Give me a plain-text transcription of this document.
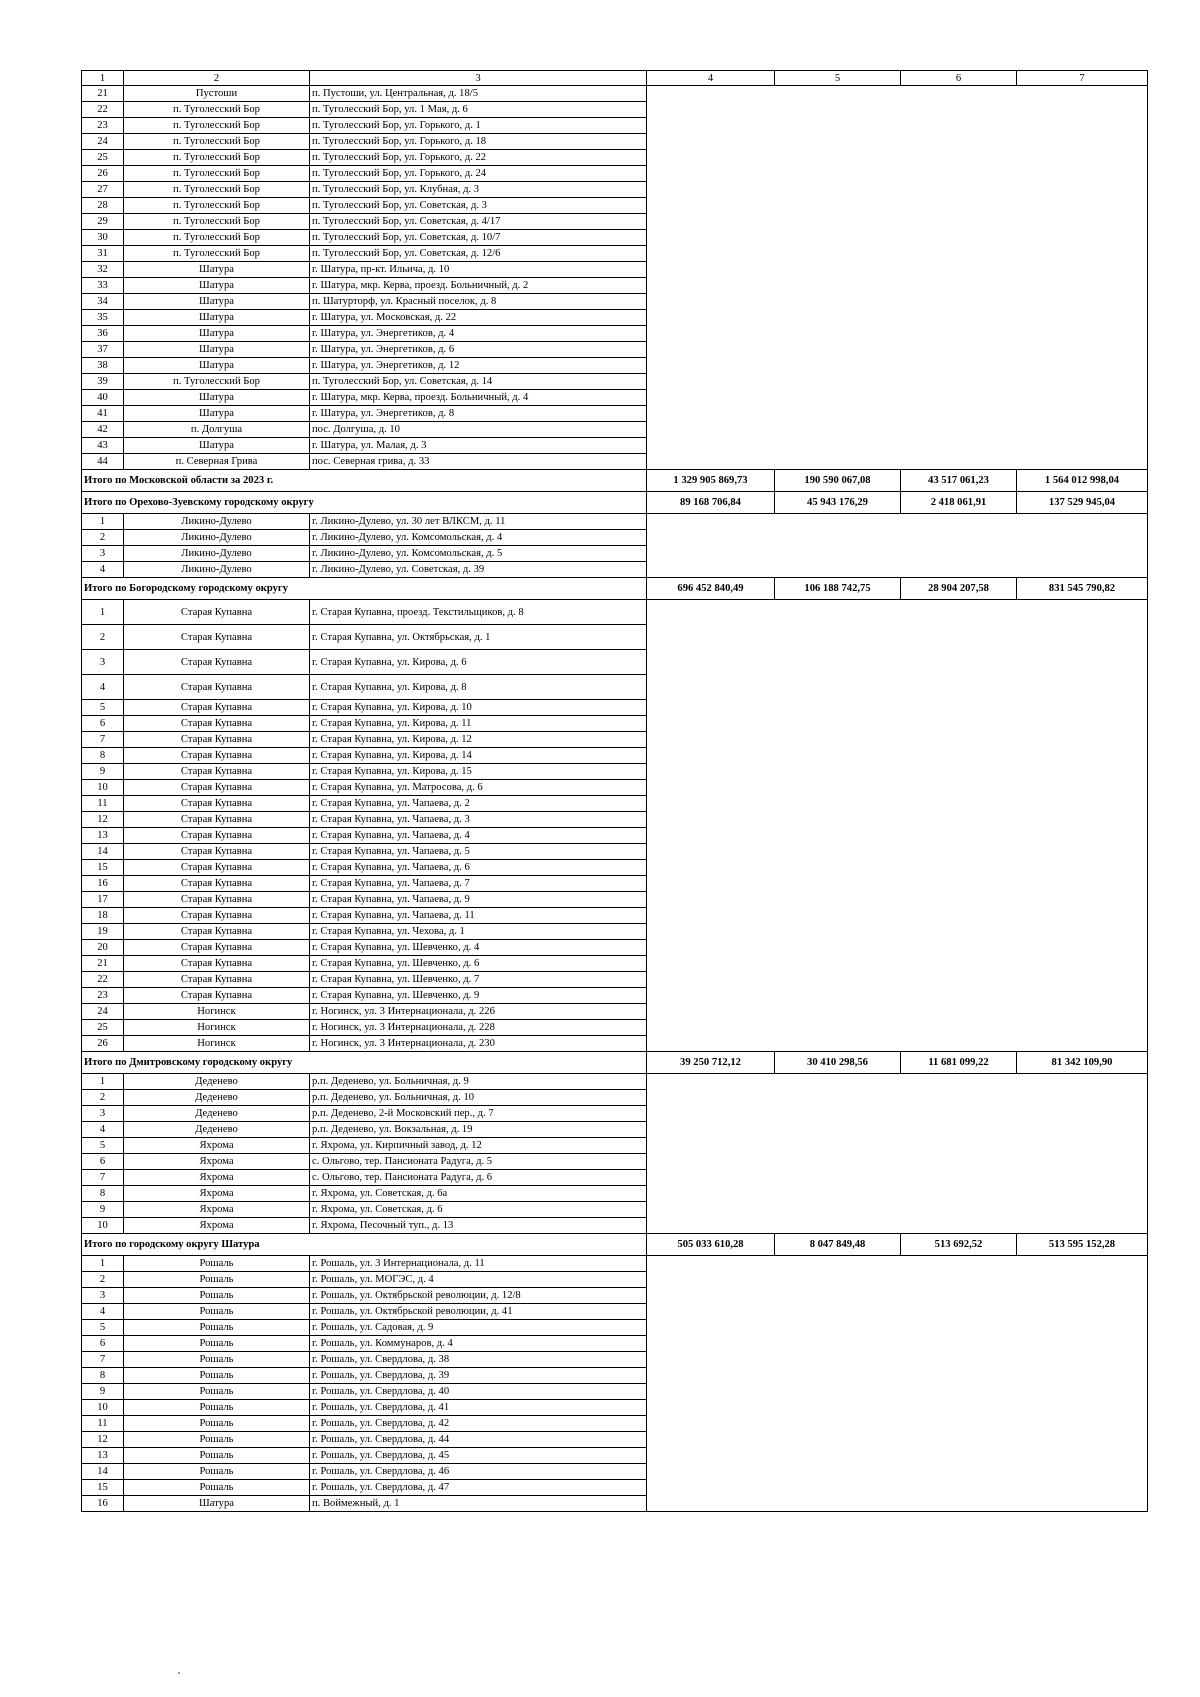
1	2	3	4	5	6	7
21	Пустоши	п. Пустоши, ул. Центральная, д. 18/5				
22	п. Туголесский Бор	п. Туголесский Бор, ул. 1 Мая, д. 6				
23	п. Туголесский Бор	п. Туголесский Бор, ул. Горького, д. 1				
24	п. Туголесский Бор	п. Туголесский Бор, ул. Горького, д. 18				
25	п. Туголесский Бор	п. Туголесский Бор, ул. Горького, д. 22				
26	п. Туголесский Бор	п. Туголесский Бор, ул. Горького, д. 24				
27	п. Туголесский Бор	п. Туголесский Бор, ул. Клубная, д. 3				
28	п. Туголесский Бор	п. Туголесский Бор, ул. Советская, д. 3				
29	п. Туголесский Бор	п. Туголесский Бор, ул. Советская, д. 4/17				
30	п. Туголесский Бор	п. Туголесский Бор, ул. Советская, д. 10/7				
31	п. Туголесский Бор	п. Туголесский Бор, ул. Советская, д. 12/6				
32	Шатура	г. Шатура, пр-кт. Ильича, д. 10				
33	Шатура	г. Шатура, мкр. Керва, проезд. Больничный, д. 2				
34	Шатура	п. Шатурторф, ул. Красный поселок, д. 8				
35	Шатура	г. Шатура, ул. Московская, д. 22				
36	Шатура	г. Шатура, ул. Энергетиков, д. 4				
37	Шатура	г. Шатура, ул. Энергетиков, д. 6				
38	Шатура	г. Шатура, ул. Энергетиков, д. 12				
39	п. Туголесский Бор	п. Туголесский Бор, ул. Советская, д. 14				
40	Шатура	г. Шатура, мкр. Керва, проезд. Больничный, д. 4				
41	Шатура	г. Шатура, ул. Энергетиков, д. 8				
42	п. Долгуша	пос. Долгуша, д. 10				
43	Шатура	г. Шатура, ул. Малая, д. 3				
44	п. Северная Грива	пос. Северная грива, д. 33				
Итого по Московской области за 2023 г.			1 329 905 869,73	190 590 067,08	43 517 061,23	1 564 012 998,04
Итого по Орехово-Зуевскому городскому округу			89 168 706,84	45 943 176,29	2 418 061,91	137 529 945,04
1	Ликино-Дулево	г. Ликино-Дулево, ул. 30 лет ВЛКСМ, д. 11				
2	Ликино-Дулево	г. Ликино-Дулево, ул. Комсомольская, д. 4				
3	Ликино-Дулево	г. Ликино-Дулево, ул. Комсомольская, д. 5				
4	Ликино-Дулево	г. Ликино-Дулево, ул. Советская, д. 39				
Итого по Богородскому городскому округу			696 452 840,49	106 188 742,75	28 904 207,58	831 545 790,82
1	Старая Купавна	г. Старая Купавна, проезд. Текстильщиков, д. 8				
2	Старая Купавна	г. Старая Купавна, ул. Октябрьская, д. 1				
3	Старая Купавна	г. Старая Купавна, ул. Кирова, д. 6				
4	Старая Купавна	г. Старая Купавна, ул. Кирова, д. 8				
5	Старая Купавна	г. Старая Купавна, ул. Кирова, д. 10				
6	Старая Купавна	г. Старая Купавна, ул. Кирова, д. 11				
7	Старая Купавна	г. Старая Купавна, ул. Кирова, д. 12				
8	Старая Купавна	г. Старая Купавна, ул. Кирова, д. 14				
9	Старая Купавна	г. Старая Купавна, ул. Кирова, д. 15				
10	Старая Купавна	г. Старая Купавна, ул. Матросова, д. 6				
11	Старая Купавна	г. Старая Купавна, ул. Чапаева, д. 2				
12	Старая Купавна	г. Старая Купавна, ул. Чапаева, д. 3				
13	Старая Купавна	г. Старая Купавна, ул. Чапаева, д. 4				
14	Старая Купавна	г. Старая Купавна, ул. Чапаева, д. 5				
15	Старая Купавна	г. Старая Купавна, ул. Чапаева, д. 6				
16	Старая Купавна	г. Старая Купавна, ул. Чапаева, д. 7				
17	Старая Купавна	г. Старая Купавна, ул. Чапаева, д. 9				
18	Старая Купавна	г. Старая Купавна, ул. Чапаева, д. 11				
19	Старая Купавна	г. Старая Купавна, ул. Чехова, д. 1				
20	Старая Купавна	г. Старая Купавна, ул. Шевченко, д. 4				
21	Старая Купавна	г. Старая Купавна, ул. Шевченко, д. 6				
22	Старая Купавна	г. Старая Купавна, ул. Шевченко, д. 7				
23	Старая Купавна	г. Старая Купавна, ул. Шевченко, д. 9				
24	Ногинск	г. Ногинск, ул. 3 Интернационала, д. 226				
25	Ногинск	г. Ногинск, ул. 3 Интернационала, д. 228				
26	Ногинск	г. Ногинск, ул. 3 Интернационала, д. 230				
Итого по Дмитровскому городскому округу			39 250 712,12	30 410 298,56	11 681 099,22	81 342 109,90
1	Деденево	р.п. Деденево, ул. Больничная, д. 9				
2	Деденево	р.п. Деденево, ул. Больничная, д. 10				
3	Деденево	р.п. Деденево, 2-й Московский пер., д. 7				
4	Деденево	р.п. Деденево, ул. Вокзальная, д. 19				
5	Яхрома	г. Яхрома, ул. Кирпичный завод, д. 12				
6	Яхрома	с. Ольгово, тер. Пансионата Радуга, д. 5				
7	Яхрома	с. Ольгово, тер. Пансионата Радуга, д. 6				
8	Яхрома	г. Яхрома, ул. Советская, д. 6а				
9	Яхрома	г. Яхрома, ул. Советская, д. 6				
10	Яхрома	г. Яхрома, Песочный туп., д. 13				
Итого по городскому округу Шатура			505 033 610,28	8 047 849,48	513 692,52	513 595 152,28
1	Рошаль	г. Рошаль, ул. 3 Интернационала, д. 11				
2	Рошаль	г. Рошаль, ул. МОГЭС, д. 4				
3	Рошаль	г. Рошаль, ул. Октябрьской революции, д. 12/8				
4	Рошаль	г. Рошаль, ул. Октябрьской революции, д. 41				
5	Рошаль	г. Рошаль, ул. Садовая, д. 9				
6	Рошаль	г. Рошаль, ул. Коммунаров, д. 4				
7	Рошаль	г. Рошаль, ул. Свердлова, д. 38				
8	Рошаль	г. Рошаль, ул. Свердлова, д. 39				
9	Рошаль	г. Рошаль, ул. Свердлова, д. 40				
10	Рошаль	г. Рошаль, ул. Свердлова, д. 41				
11	Рошаль	г. Рошаль, ул. Свердлова, д. 42				
12	Рошаль	г. Рошаль, ул. Свердлова, д. 44				
13	Рошаль	г. Рошаль, ул. Свердлова, д. 45				
14	Рошаль	г. Рошаль, ул. Свердлова, д. 46				
15	Рошаль	г. Рошаль, ул. Свердлова, д. 47				
16	Шатура	п. Воймежный, д. 1				
